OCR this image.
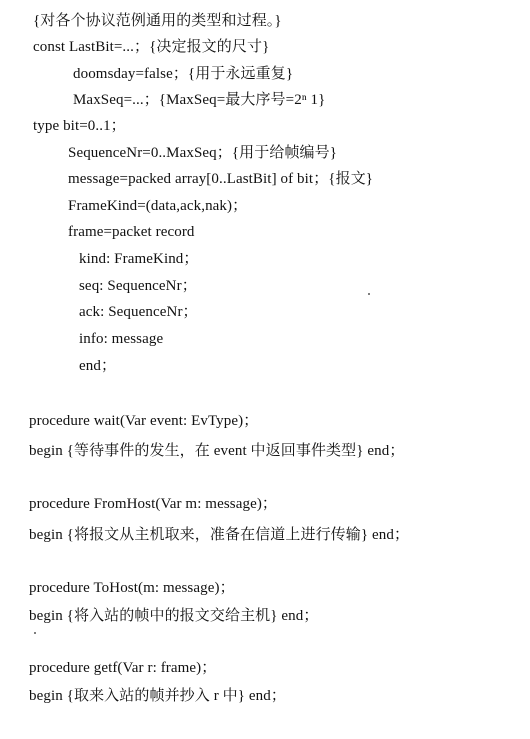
{对各个协议范例通用的类型和过程。}
const LastBit=...；{决定报文的尺寸}
doomsday=false；{用于永远重复}
MaxSeq=...；{MaxSeq=最大序号=2ⁿ 1}
type bit=0..1；
SequenceNr=0..MaxSeq；{用于给帧编号}
message=packed array[0..LastBit] of bit；{报文}
FrameKind=(data,ack,nak)；
frame=packet record
kind: FrameKind；
seq: SequenceNr；
ack: SequenceNr；
info: message
end；
procedure wait(Var event: EvType)；
begin {等待事件的发生，在 event 中返回事件类型} end；
procedure FromHost(Var m: message)；
begin {将报文从主机取来，准备在信道上进行传输} end；
procedure ToHost(m: message)；
begin {将入站的帧中的报文交给主机} end；
procedure getf(Var r: frame)；
begin {取来入站的帧并抄入 r 中} end；
